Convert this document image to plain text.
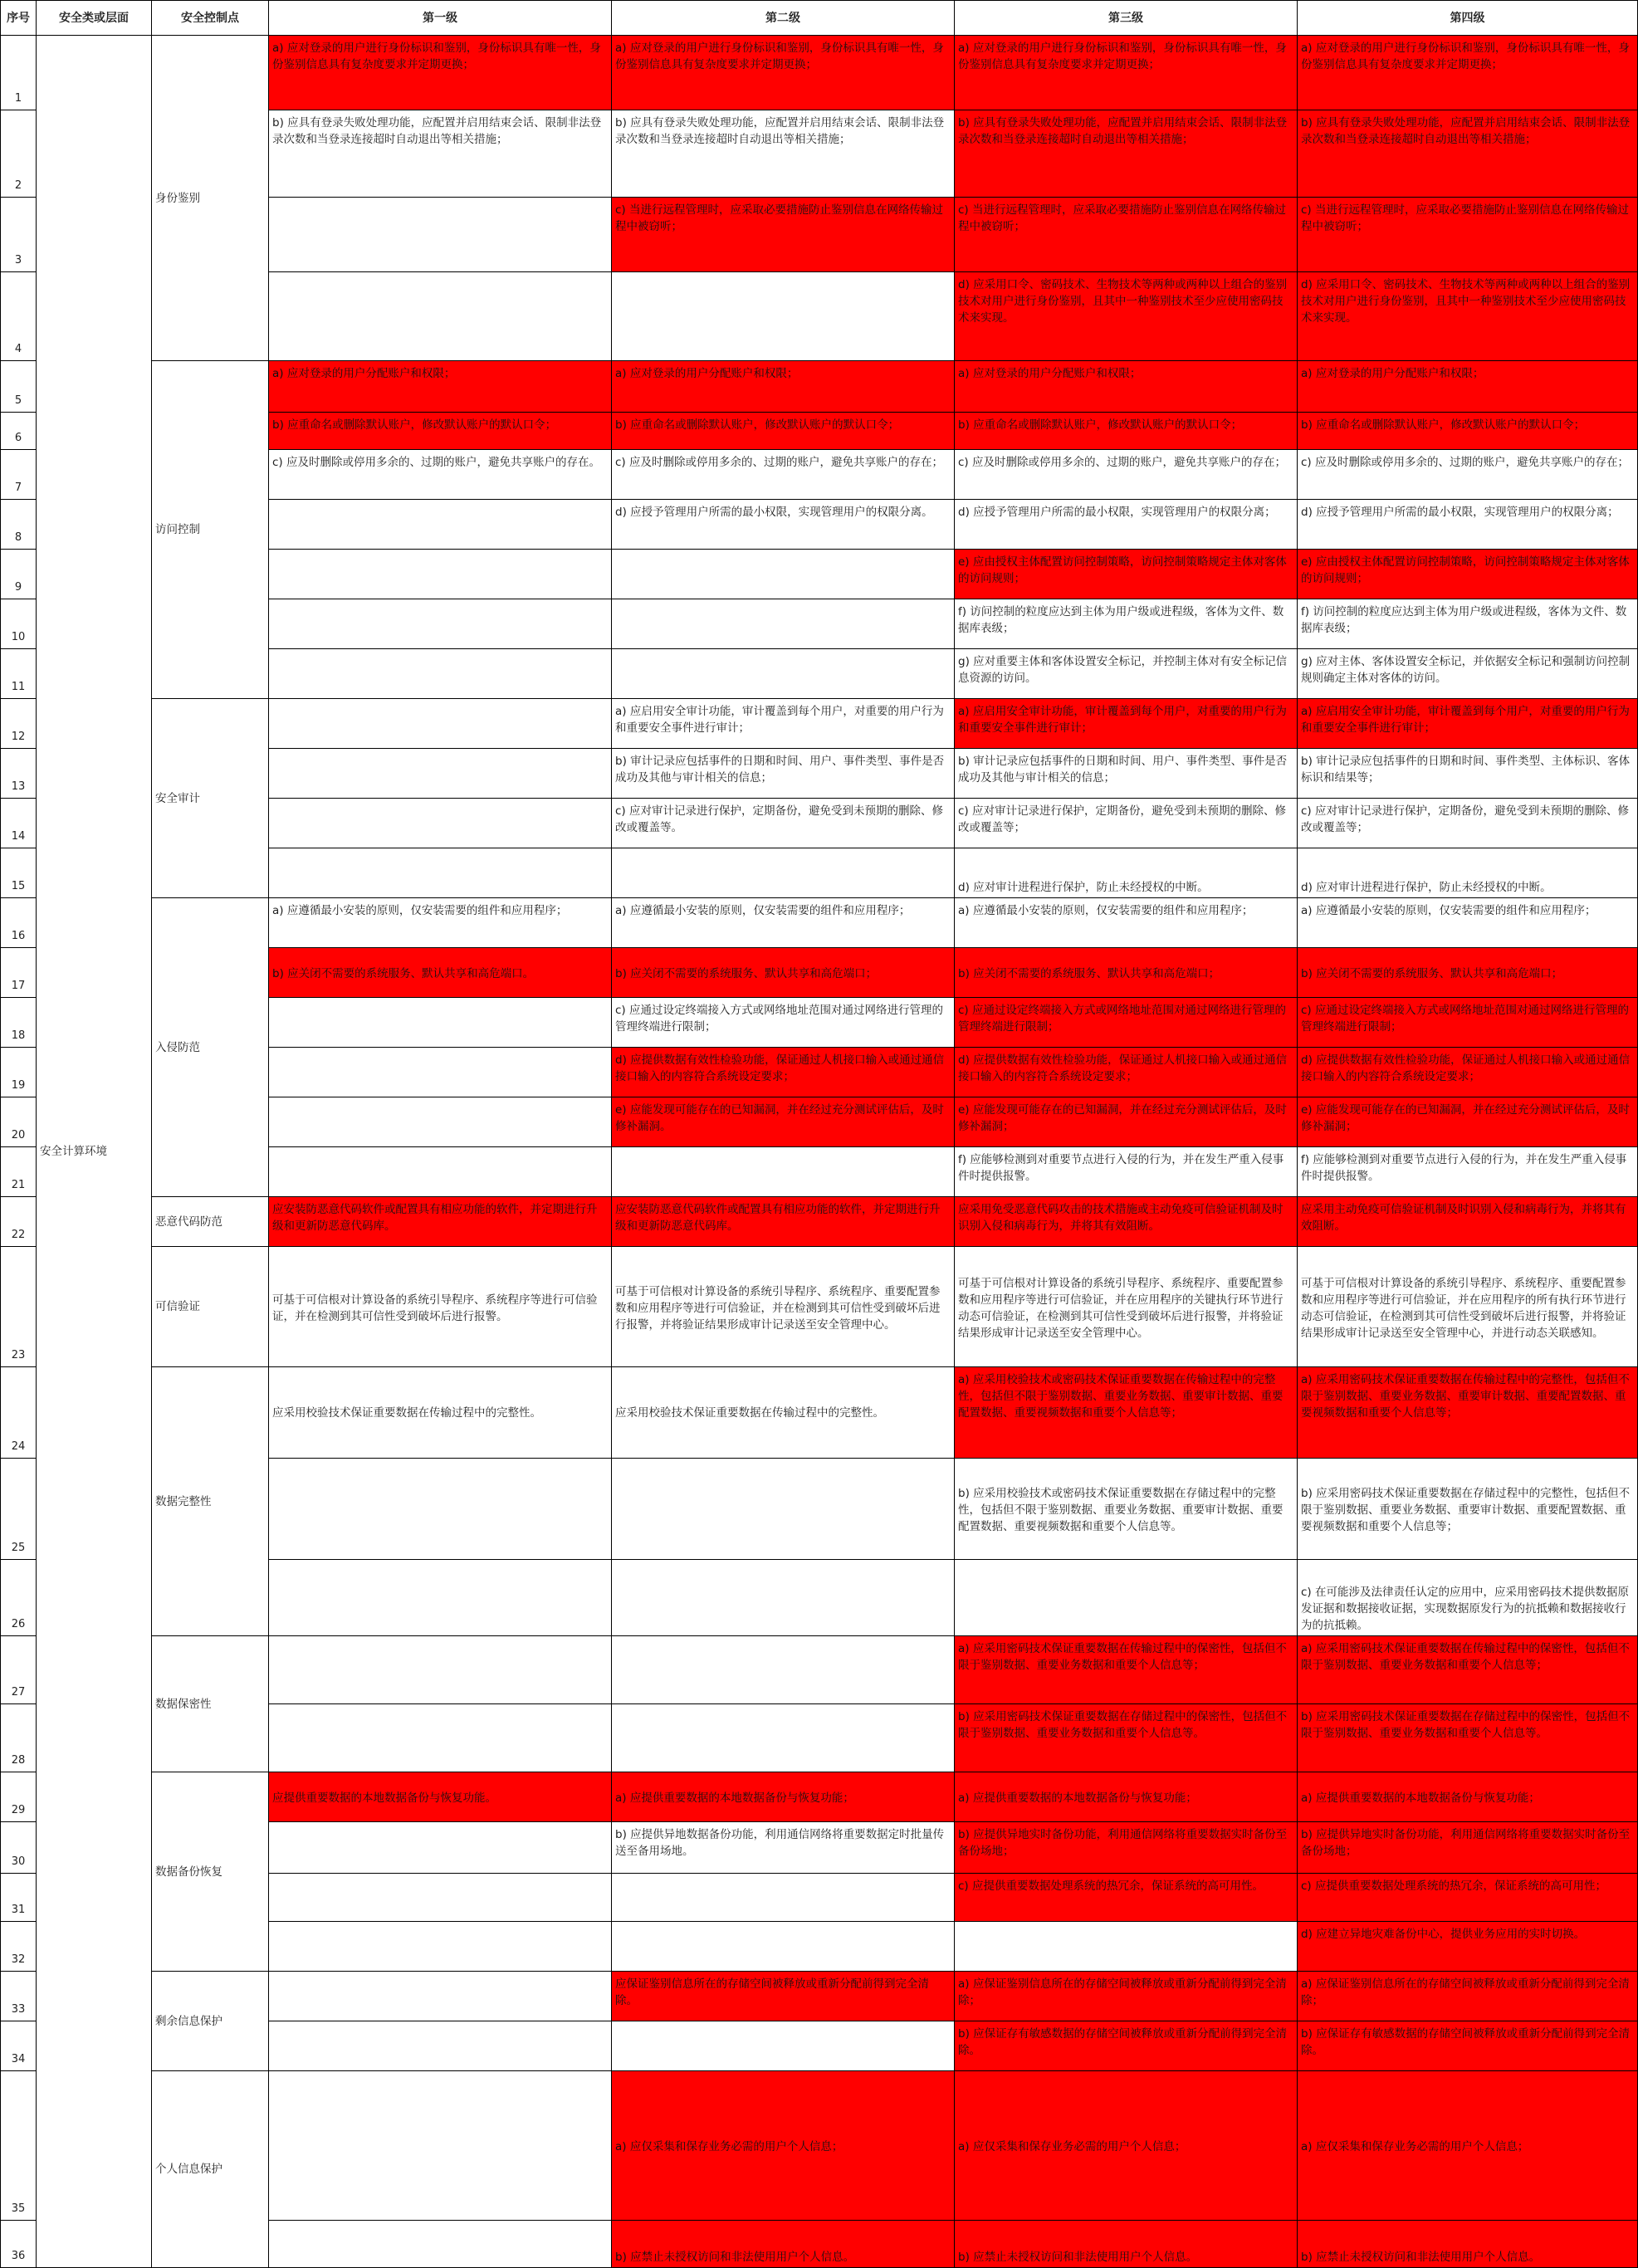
序号	安全类或层面	安全控制点	第一级	第二级	第三级	第四级
1	安全计算环境	身份鉴别	a) 应对登录的用户进行身份标识和鉴别，身份标识具有唯一性，身份鉴别信息具有复杂度要求并定期更换；	a) 应对登录的用户进行身份标识和鉴别，身份标识具有唯一性，身份鉴别信息具有复杂度要求并定期更换；	a) 应对登录的用户进行身份标识和鉴别，身份标识具有唯一性，身份鉴别信息具有复杂度要求并定期更换；	a) 应对登录的用户进行身份标识和鉴别，身份标识具有唯一性，身份鉴别信息具有复杂度要求并定期更换；
2			b) 应具有登录失败处理功能，应配置并启用结束会话、限制非法登录次数和当登录连接超时自动退出等相关措施；	b) 应具有登录失败处理功能，应配置并启用结束会话、限制非法登录次数和当登录连接超时自动退出等相关措施；	b) 应具有登录失败处理功能，应配置并启用结束会话、限制非法登录次数和当登录连接超时自动退出等相关措施；	b) 应具有登录失败处理功能，应配置并启用结束会话、限制非法登录次数和当登录连接超时自动退出等相关措施；
3				c) 当进行远程管理时，应采取必要措施防止鉴别信息在网络传输过程中被窃听；	c) 当进行远程管理时，应采取必要措施防止鉴别信息在网络传输过程中被窃听；	c) 当进行远程管理时，应采取必要措施防止鉴别信息在网络传输过程中被窃听；
4					d) 应采用口令、密码技术、生物技术等两种或两种以上组合的鉴别技术对用户进行身份鉴别，且其中一种鉴别技术至少应使用密码技术来实现。	d) 应采用口令、密码技术、生物技术等两种或两种以上组合的鉴别技术对用户进行身份鉴别，且其中一种鉴别技术至少应使用密码技术来实现。
5		访问控制	a) 应对登录的用户分配账户和权限；	a) 应对登录的用户分配账户和权限；	a) 应对登录的用户分配账户和权限；	a) 应对登录的用户分配账户和权限；
6			b) 应重命名或删除默认账户，修改默认账户的默认口令；	b) 应重命名或删除默认账户，修改默认账户的默认口令；	b) 应重命名或删除默认账户，修改默认账户的默认口令；	b) 应重命名或删除默认账户，修改默认账户的默认口令；
7			c) 应及时删除或停用多余的、过期的账户，避免共享账户的存在。	c) 应及时删除或停用多余的、过期的账户，避免共享账户的存在；	c) 应及时删除或停用多余的、过期的账户，避免共享账户的存在；	c) 应及时删除或停用多余的、过期的账户，避免共享账户的存在；
8				d) 应授予管理用户所需的最小权限，实现管理用户的权限分离。	d) 应授予管理用户所需的最小权限，实现管理用户的权限分离；	d) 应授予管理用户所需的最小权限，实现管理用户的权限分离；
9					e) 应由授权主体配置访问控制策略，访问控制策略规定主体对客体的访问规则；	e) 应由授权主体配置访问控制策略，访问控制策略规定主体对客体的访问规则；
10					f) 访问控制的粒度应达到主体为用户级或进程级，客体为文件、数据库表级；	f) 访问控制的粒度应达到主体为用户级或进程级，客体为文件、数据库表级；
11					g) 应对重要主体和客体设置安全标记，并控制主体对有安全标记信息资源的访问。	g) 应对主体、客体设置安全标记，并依据安全标记和强制访问控制规则确定主体对客体的访问。
12		安全审计		a) 应启用安全审计功能，审计覆盖到每个用户，对重要的用户行为和重要安全事件进行审计；	a) 应启用安全审计功能，审计覆盖到每个用户，对重要的用户行为和重要安全事件进行审计；	a) 应启用安全审计功能，审计覆盖到每个用户，对重要的用户行为和重要安全事件进行审计；
13				b) 审计记录应包括事件的日期和时间、用户、事件类型、事件是否成功及其他与审计相关的信息；	b) 审计记录应包括事件的日期和时间、用户、事件类型、事件是否成功及其他与审计相关的信息；	b) 审计记录应包括事件的日期和时间、事件类型、主体标识、客体标识和结果等；
14				c) 应对审计记录进行保护，定期备份，避免受到未预期的删除、修改或覆盖等。	c) 应对审计记录进行保护，定期备份，避免受到未预期的删除、修改或覆盖等；	c) 应对审计记录进行保护，定期备份，避免受到未预期的删除、修改或覆盖等；
15					d) 应对审计进程进行保护，防止未经授权的中断。	d) 应对审计进程进行保护，防止未经授权的中断。
16		入侵防范	a) 应遵循最小安装的原则，仅安装需要的组件和应用程序；	a) 应遵循最小安装的原则，仅安装需要的组件和应用程序；	a) 应遵循最小安装的原则，仅安装需要的组件和应用程序；	a) 应遵循最小安装的原则，仅安装需要的组件和应用程序；
17			b) 应关闭不需要的系统服务、默认共享和高危端口。	b) 应关闭不需要的系统服务、默认共享和高危端口；	b) 应关闭不需要的系统服务、默认共享和高危端口；	b) 应关闭不需要的系统服务、默认共享和高危端口；
18				c) 应通过设定终端接入方式或网络地址范围对通过网络进行管理的管理终端进行限制；	c) 应通过设定终端接入方式或网络地址范围对通过网络进行管理的管理终端进行限制；	c) 应通过设定终端接入方式或网络地址范围对通过网络进行管理的管理终端进行限制；
19				d) 应提供数据有效性检验功能，保证通过人机接口输入或通过通信接口输入的内容符合系统设定要求；	d) 应提供数据有效性检验功能，保证通过人机接口输入或通过通信接口输入的内容符合系统设定要求；	d) 应提供数据有效性检验功能，保证通过人机接口输入或通过通信接口输入的内容符合系统设定要求；
20				e) 应能发现可能存在的已知漏洞，并在经过充分测试评估后，及时修补漏洞。	e) 应能发现可能存在的已知漏洞，并在经过充分测试评估后，及时修补漏洞；	e) 应能发现可能存在的已知漏洞，并在经过充分测试评估后，及时修补漏洞；
21					f) 应能够检测到对重要节点进行入侵的行为，并在发生严重入侵事件时提供报警。	f) 应能够检测到对重要节点进行入侵的行为，并在发生严重入侵事件时提供报警。
22		恶意代码防范	应安装防恶意代码软件或配置具有相应功能的软件，并定期进行升级和更新防恶意代码库。	应安装防恶意代码软件或配置具有相应功能的软件，并定期进行升级和更新防恶意代码库。	应采用免受恶意代码攻击的技术措施或主动免疫可信验证机制及时识别入侵和病毒行为，并将其有效阻断。	应采用主动免疫可信验证机制及时识别入侵和病毒行为，并将其有效阻断。
23		可信验证	可基于可信根对计算设备的系统引导程序、系统程序等进行可信验证，并在检测到其可信性受到破坏后进行报警。	可基于可信根对计算设备的系统引导程序、系统程序、重要配置参数和应用程序等进行可信验证，并在检测到其可信性受到破坏后进行报警，并将验证结果形成审计记录送至安全管理中心。	可基于可信根对计算设备的系统引导程序、系统程序、重要配置参数和应用程序等进行可信验证，并在应用程序的关键执行环节进行动态可信验证，在检测到其可信性受到破坏后进行报警，并将验证结果形成审计记录送至安全管理中心。	可基于可信根对计算设备的系统引导程序、系统程序、重要配置参数和应用程序等进行可信验证，并在应用程序的所有执行环节进行动态可信验证，在检测到其可信性受到破坏后进行报警，并将验证结果形成审计记录送至安全管理中心，并进行动态关联感知。
24		数据完整性	应采用校验技术保证重要数据在传输过程中的完整性。	应采用校验技术保证重要数据在传输过程中的完整性。	a) 应采用校验技术或密码技术保证重要数据在传输过程中的完整性，包括但不限于鉴别数据、重要业务数据、重要审计数据、重要配置数据、重要视频数据和重要个人信息等；	a) 应采用密码技术保证重要数据在传输过程中的完整性，包括但不限于鉴别数据、重要业务数据、重要审计数据、重要配置数据、重要视频数据和重要个人信息等；
25					b) 应采用校验技术或密码技术保证重要数据在存储过程中的完整性，包括但不限于鉴别数据、重要业务数据、重要审计数据、重要配置数据、重要视频数据和重要个人信息等。	b) 应采用密码技术保证重要数据在存储过程中的完整性，包括但不限于鉴别数据、重要业务数据、重要审计数据、重要配置数据、重要视频数据和重要个人信息等；
26						c) 在可能涉及法律责任认定的应用中，应采用密码技术提供数据原发证据和数据接收证据，实现数据原发行为的抗抵赖和数据接收行为的抗抵赖。
27		数据保密性			a) 应采用密码技术保证重要数据在传输过程中的保密性，包括但不限于鉴别数据、重要业务数据和重要个人信息等；	a) 应采用密码技术保证重要数据在传输过程中的保密性，包括但不限于鉴别数据、重要业务数据和重要个人信息等；
28					b) 应采用密码技术保证重要数据在存储过程中的保密性，包括但不限于鉴别数据、重要业务数据和重要个人信息等。	b) 应采用密码技术保证重要数据在存储过程中的保密性，包括但不限于鉴别数据、重要业务数据和重要个人信息等。
29		数据备份恢复	应提供重要数据的本地数据备份与恢复功能。	a) 应提供重要数据的本地数据备份与恢复功能；	a) 应提供重要数据的本地数据备份与恢复功能；	a) 应提供重要数据的本地数据备份与恢复功能；
30				b) 应提供异地数据备份功能，利用通信网络将重要数据定时批量传送至备用场地。	b) 应提供异地实时备份功能，利用通信网络将重要数据实时备份至备份场地；	b) 应提供异地实时备份功能，利用通信网络将重要数据实时备份至备份场地；
31					c) 应提供重要数据处理系统的热冗余，保证系统的高可用性。	c) 应提供重要数据处理系统的热冗余，保证系统的高可用性；
32						d) 应建立异地灾难备份中心，提供业务应用的实时切换。
33		剩余信息保护		应保证鉴别信息所在的存储空间被释放或重新分配前得到完全清除。	a) 应保证鉴别信息所在的存储空间被释放或重新分配前得到完全清除；	a) 应保证鉴别信息所在的存储空间被释放或重新分配前得到完全清除；
34					b) 应保证存有敏感数据的存储空间被释放或重新分配前得到完全清除。	b) 应保证存有敏感数据的存储空间被释放或重新分配前得到完全清除。
35		个人信息保护		a) 应仅采集和保存业务必需的用户个人信息；	a) 应仅采集和保存业务必需的用户个人信息；	a) 应仅采集和保存业务必需的用户个人信息；
36				b) 应禁止未授权访问和非法使用用户个人信息。	b) 应禁止未授权访问和非法使用用户个人信息。	b) 应禁止未授权访问和非法使用用户个人信息。
